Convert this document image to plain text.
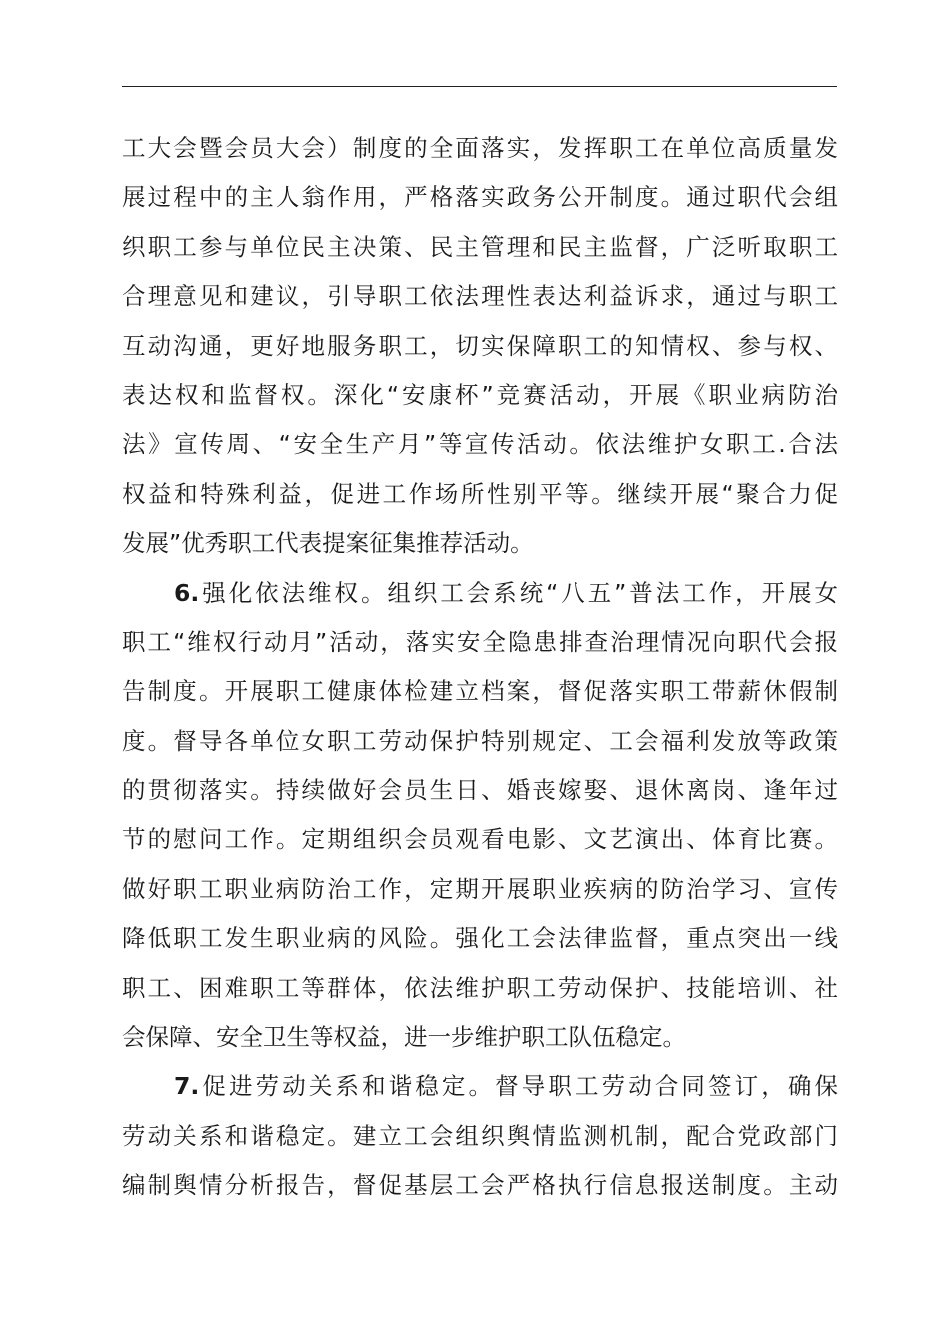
工大会暨会员大会）制度的全面落实，发挥职工在单位高质量发
展过程中的主人翁作用，严格落实政务公开制度。通过职代会组
织职工参与单位民主决策、民主管理和民主监督，广泛听取职工
合理意见和建议，引导职工依法理性表达利益诉求，通过与职工
互动沟通，更好地服务职工，切实保障职工的知情权、参与权、
表达权和监督权。深化“安康杯”竞赛活动，开展《职业病防治
法》宣传周、“安全生产月”等宣传活动。依法维护女职工.合法
权益和特殊利益，促进工作场所性别平等。继续开展“聚合力促
发展”优秀职工代表提案征集推荐活动。
6.强化依法维权。组织工会系统“八五”普法工作，开展女
职工“维权行动月”活动，落实安全隐患排查治理情况向职代会报
告制度。开展职工健康体检建立档案，督促落实职工带薪休假制
度。督导各单位女职工劳动保护特别规定、工会福利发放等政策
的贯彻落实。持续做好会员生日、婚丧嫁娶、退休离岗、逢年过
节的慰问工作。定期组织会员观看电影、文艺演出、体育比赛。
做好职工职业病防治工作，定期开展职业疾病的防治学习、宣传
降低职工发生职业病的风险。强化工会法律监督，重点突出一线
职工、困难职工等群体，依法维护职工劳动保护、技能培训、社
会保障、安全卫生等权益，进一步维护职工队伍稳定。
7.促进劳动关系和谐稳定。督导职工劳动合同签订，确保
劳动关系和谐稳定。建立工会组织舆情监测机制，配合党政部门
编制舆情分析报告，督促基层工会严格执行信息报送制度。主动
